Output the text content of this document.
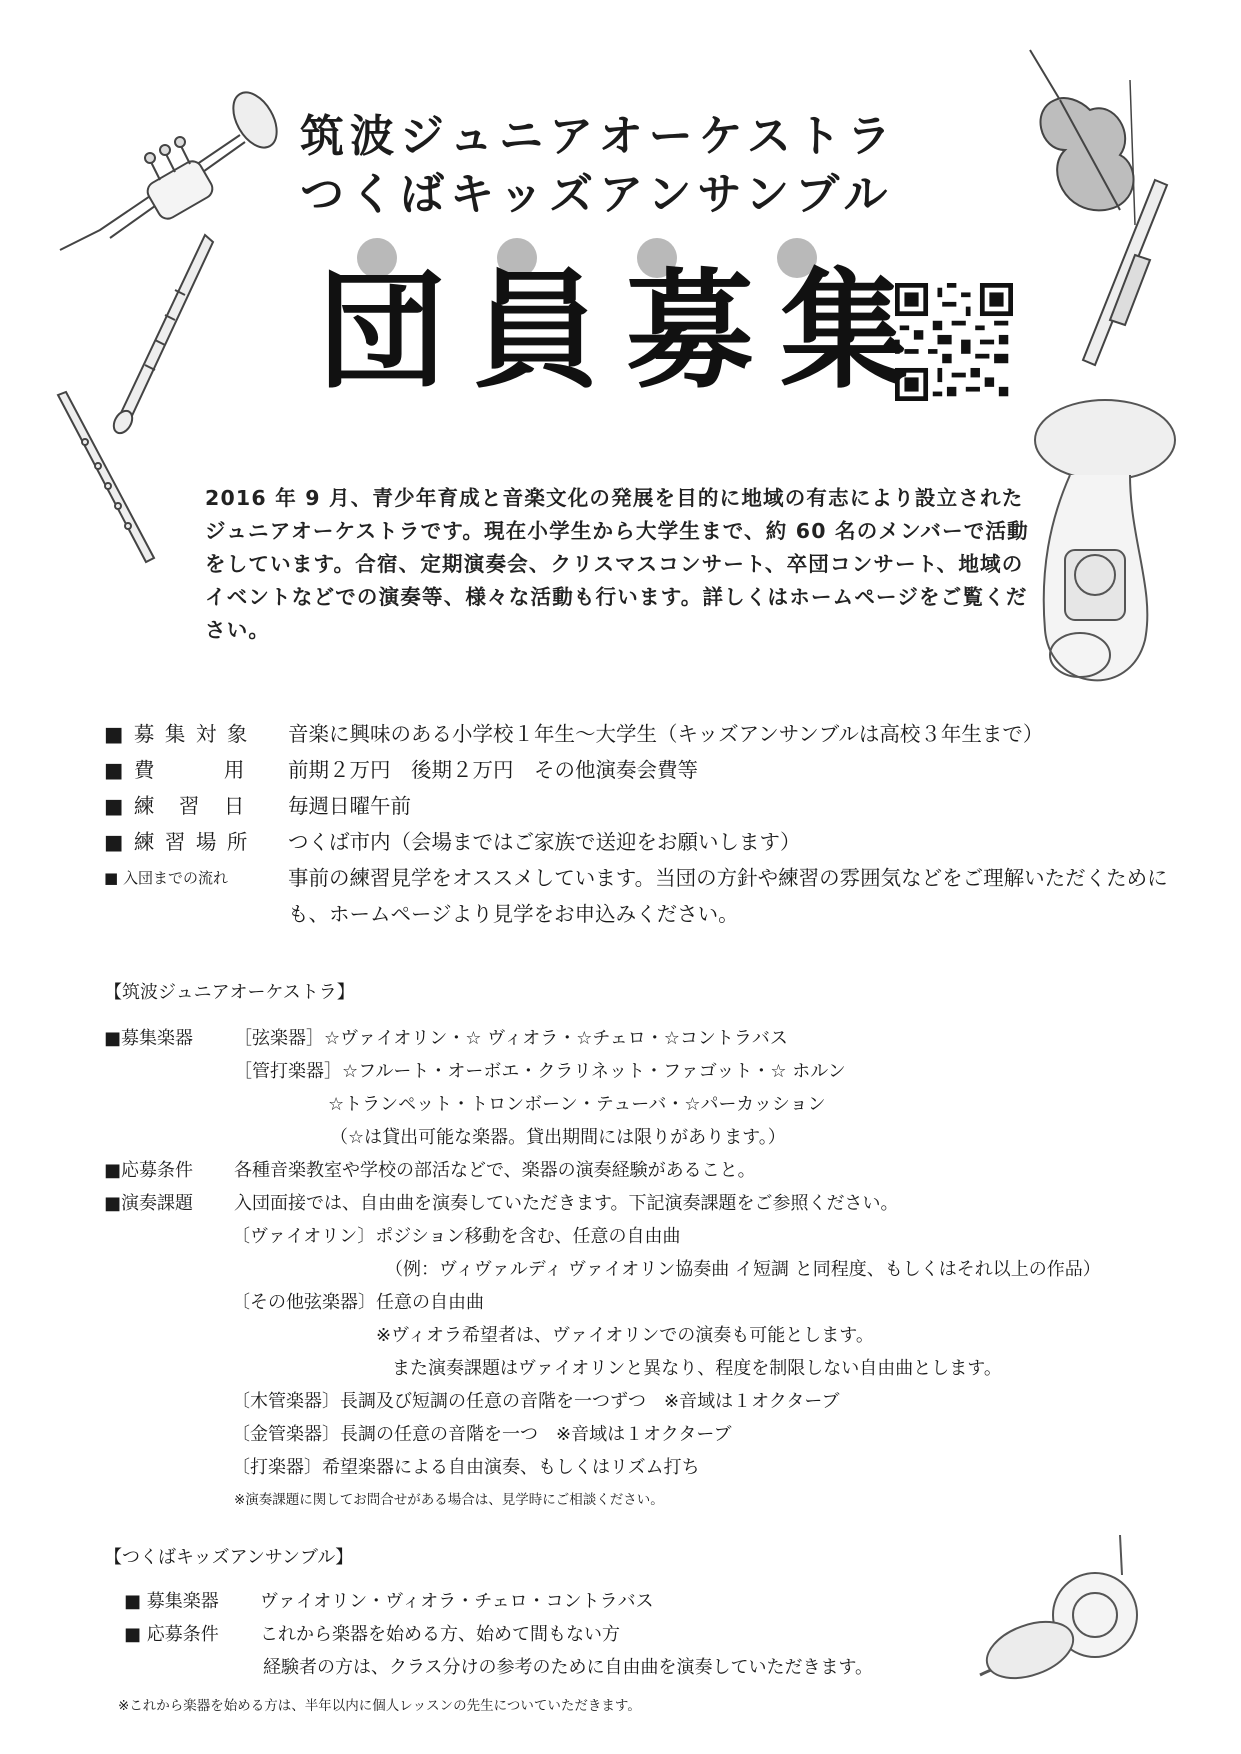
筑波ジュニアオーケストラ
つくばキッズアンサンブル
団員募集
2016 年 9 月、青少年育成と音楽文化の発展を目的に地域の有志により設立されたジュニアオーケストラです。現在小学生から大学生まで、約 60 名のメンバーで活動をしています。合宿、定期演奏会、クリスマスコンサート、卒団コンサート、地域のイベントなどでの演奏等、様々な活動も行います。詳しくはホームページをご覧ください。
■ 募 集 対 象 音楽に興味のある小学校１年生〜大学生（キッズアンサンブルは高校３年生まで）
■ 費　　　用 前期２万円　後期２万円　その他演奏会費等
■ 練　習　日 毎週日曜午前
■ 練 習 場 所 つくば市内（会場まではご家族で送迎をお願いします）
■ 入団までの流れ	事前の練習見学をオススメしています。当団の方針や練習の雰囲気などをご理解いただくためにも、ホームページより見学をお申込みください。
【筑波ジュニアオーケストラ】
■募集楽器 ［弦楽器］☆ヴァイオリン・☆ ヴィオラ・☆チェロ・☆コントラバス
［管打楽器］☆フルート・オーボエ・クラリネット・ファゴット・☆ ホルン
☆トランペット・トロンボーン・テューバ・☆パーカッション
（☆は貸出可能な楽器。貸出期間には限りがあります。）
■応募条件 各種音楽教室や学校の部活などで、楽器の演奏経験があること。
■演奏課題 入団面接では、自由曲を演奏していただきます。下記演奏課題をご参照ください。
〔ヴァイオリン〕ポジション移動を含む、任意の自由曲
（例：ヴィヴァルディ ヴァイオリン協奏曲 イ短調 と同程度、もしくはそれ以上の作品）
〔その他弦楽器〕任意の自由曲
※ヴィオラ希望者は、ヴァイオリンでの演奏も可能とします。
また演奏課題はヴァイオリンと異なり、程度を制限しない自由曲とします。
〔木管楽器〕長調及び短調の任意の音階を一つずつ　※音域は１オクターブ
〔金管楽器〕長調の任意の音階を一つ　※音域は１オクターブ
〔打楽器〕希望楽器による自由演奏、もしくはリズム打ち
※演奏課題に関してお問合せがある場合は、見学時にご相談ください。
【つくばキッズアンサンブル】
■ 募集楽器 ヴァイオリン・ヴィオラ・チェロ・コントラバス
■ 応募条件 これから楽器を始める方、始めて間もない方
経験者の方は、クラス分けの参考のために自由曲を演奏していただきます。
※これから楽器を始める方は、半年以内に個人レッスンの先生についていただきます。
